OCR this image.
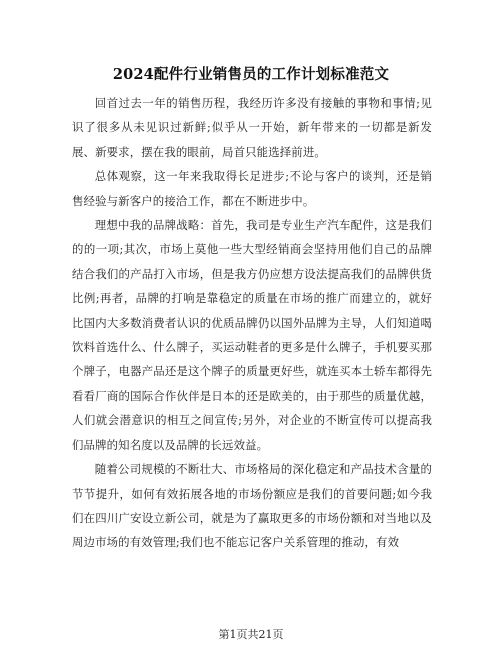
2024配件行业销售员的工作计划标准范文

回首过去一年的销售历程，我经历许多没有接触的事物和事情;见识了很多从未见识过新鲜;似乎从一开始，新年带来的一切都是新发展、新要求，摆在我的眼前，局首只能选择前进。

总体观察，这一年来我取得长足进步;不论与客户的谈判，还是销售经验与新客户的接洽工作，都在不断进步中。

理想中我的品牌战略：首先，我司是专业生产汽车配件，这是我们的的一项;其次，市场上莫他一些大型经销商会坚持用他们自己的品牌结合我们的产品打入市场，但是我方仍应想方设法提高我们的品牌供货比例;再者，品牌的打响是靠稳定的质量在市场的推广而建立的，就好比国内大多数消费者认识的优质品牌仍以国外品牌为主导，人们知道喝饮料首选什么、什么牌子，买运动鞋者的更多是什么牌子，手机要买那个牌子，电器产品还是这个牌子的质量更好些，就连买本土轿车都得先看看厂商的国际合作伙伴是日本的还是欧美的，由于那些的质量优越，人们就会潜意识的相互之间宣传;另外，对企业的不断宣传可以提高我们品牌的知名度以及品牌的长远效益。

随着公司规模的不断壮大、市场格局的深化稳定和产品技术含量的节节提升，如何有效拓展各地的市场份额应是我们的首要问题;如今我们在四川广安设立新公司，就是为了赢取更多的市场份额和对当地以及周边市场的有效管理;我们也不能忘记客户关系管理的推动，有效

第1页共21页
